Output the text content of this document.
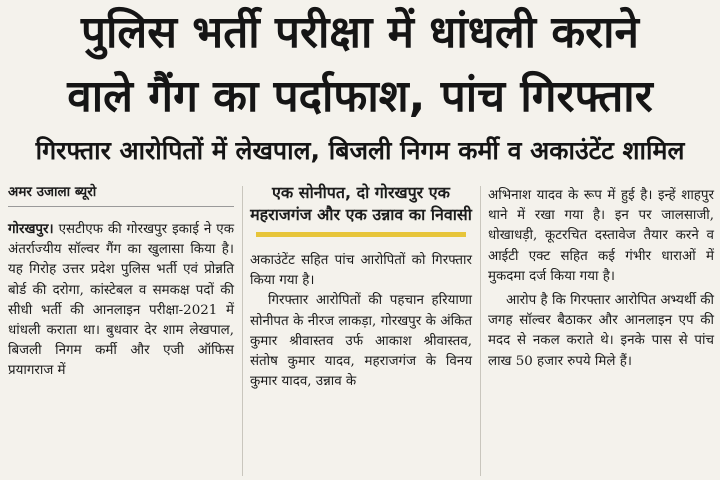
पुलिस भर्ती परीक्षा में धांधली कराने
वाले गैंग का पर्दाफाश, पांच गिरफ्तार
गिरफ्तार आरोपितों में लेखपाल, बिजली निगम कर्मी व अकाउंटेंट शामिल
अमर उजाला ब्यूरो

गोरखपुर। एसटीएफ की गोरखपुर इकाई ने एक अंतर्राज्यीय सॉल्वर गैंग का खुलासा किया है। यह गिरोह उत्तर प्रदेश पुलिस भर्ती एवं प्रोन्नति बोर्ड की दरोगा, कांस्टेबल व समकक्ष पदों की सीधी भर्ती की आनलाइन परीक्षा-2021 में धांधली कराता था। बुधवार देर शाम लेखपाल, बिजली निगम कर्मी और एजी ऑफिस प्रयागराज में

एक सोनीपत, दो गोरखपुर एक महराजगंज और एक उन्नाव का निवासी

अकाउंटेंट सहित पांच आरोपितों को गिरफ्तार किया गया है।

गिरफ्तार आरोपितों की पहचान हरियाणा सोनीपत के नीरज लाकड़ा, गोरखपुर के अंकित कुमार श्रीवास्तव उर्फ आकाश श्रीवास्तव, संतोष कुमार यादव, महराजगंज के विनय कुमार यादव, उन्नाव के

अभिनाश यादव के रूप में हुई है। इन्हें शाहपुर थाने में रखा गया है। इन पर जालसाजी, धोखाधड़ी, कूटरचित दस्तावेज तैयार करने व आईटी एक्ट सहित कई गंभीर धाराओं में मुकदमा दर्ज किया गया है।

आरोप है कि गिरफ्तार आरोपित अभ्यर्थी की जगह सॉल्वर बैठाकर और आनलाइन एप की मदद से नकल कराते थे। इनके पास से पांच लाख 50 हजार रुपये मिले हैं।
